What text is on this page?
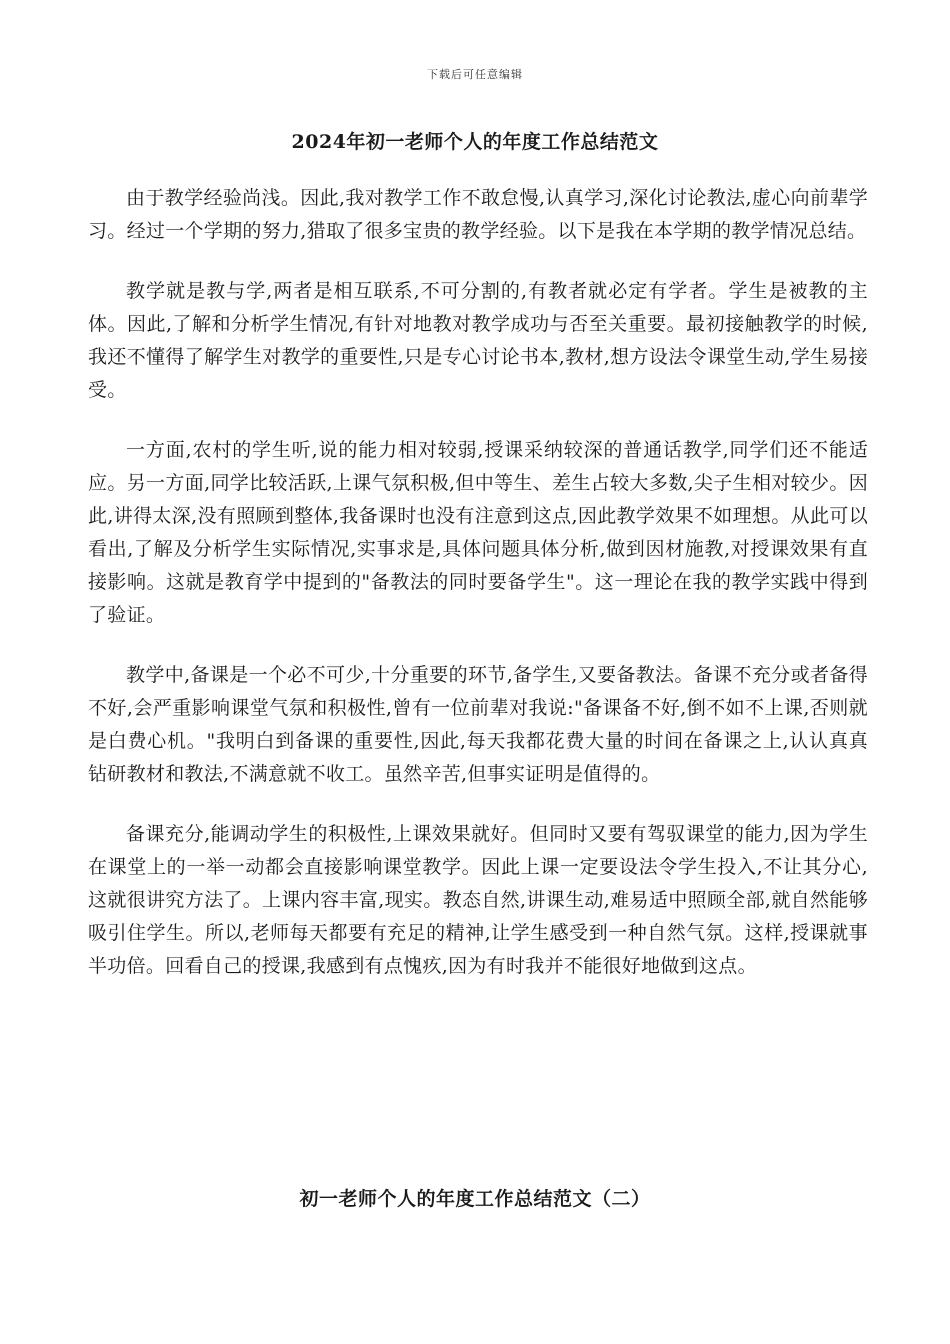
下载后可任意编辑
2024年初一老师个人的年度工作总结范文

由于教学经验尚浅。因此,我对教学工作不敢怠慢,认真学习,深化讨论教法,虚心向前辈学习。经过一个学期的努力,猎取了很多宝贵的教学经验。以下是我在本学期的教学情况总结。

教学就是教与学,两者是相互联系,不可分割的,有教者就必定有学者。学生是被教的主体。因此,了解和分析学生情况,有针对地教对教学成功与否至关重要。最初接触教学的时候,我还不懂得了解学生对教学的重要性,只是专心讨论书本,教材,想方设法令课堂生动,学生易接受。

一方面,农村的学生听,说的能力相对较弱,授课采纳较深的普通话教学,同学们还不能适应。另一方面,同学比较活跃,上课气氛积极,但中等生、差生占较大多数,尖子生相对较少。因此,讲得太深,没有照顾到整体,我备课时也没有注意到这点,因此教学效果不如理想。从此可以看出,了解及分析学生实际情况,实事求是,具体问题具体分析,做到因材施教,对授课效果有直接影响。这就是教育学中提到的"备教法的同时要备学生"。这一理论在我的教学实践中得到了验证。

教学中,备课是一个必不可少,十分重要的环节,备学生,又要备教法。备课不充分或者备得不好,会严重影响课堂气氛和积极性,曾有一位前辈对我说:"备课备不好,倒不如不上课,否则就是白费心机。"我明白到备课的重要性,因此,每天我都花费大量的时间在备课之上,认认真真钻研教材和教法,不满意就不收工。虽然辛苦,但事实证明是值得的。

备课充分,能调动学生的积极性,上课效果就好。但同时又要有驾驭课堂的能力,因为学生在课堂上的一举一动都会直接影响课堂教学。因此上课一定要设法令学生投入,不让其分心,这就很讲究方法了。上课内容丰富,现实。教态自然,讲课生动,难易适中照顾全部,就自然能够吸引住学生。所以,老师每天都要有充足的精神,让学生感受到一种自然气氛。这样,授课就事半功倍。回看自己的授课,我感到有点愧疚,因为有时我并不能很好地做到这点。

初一老师个人的年度工作总结范文（二）
